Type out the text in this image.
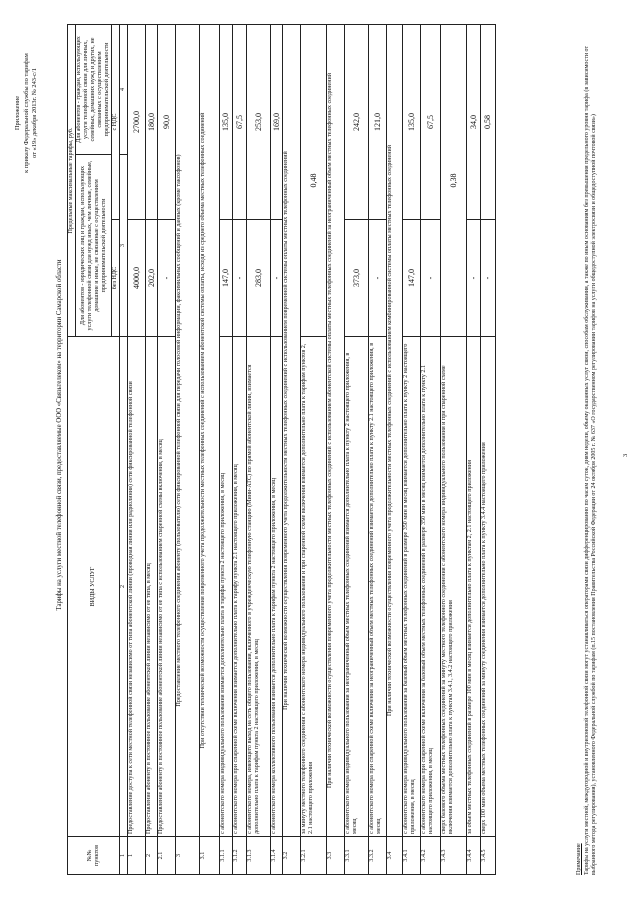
Приложение к приказу Федеральной службы по тарифам от «19» декабря 2013г. № 243-с/1
Тарифы на услуги местной телефонной связи, предоставляемые ООО «Связьтелеком» на территории Самарской области
№№ пунктов	ВИДЫ УСЛУГ	Предельные максимальные тарифы, руб.		
		Для абонентов - юридических лиц и граждан, использующих услуги телефонной связи для нужд иных, чем личные, семейные, домашние и иные, не связанные с осуществлением предпринимательской деятельности		Для абонентов - граждан, использующих услуги телефонной связи для личных, семейных, домашних нужд и других, не связанных с осуществлением предпринимательской деятельности
		без НДС	с НДС	
1	2	3		4
1	Предоставление доступа к сети местной телефонной связи независимо от типа абонентской линии (проводная линия или радиолиния) сети фиксированной телефонной связи	4000,0	2700,0	
2	Предоставление абоненту в постоянное пользование абонентской линии независимо от ее типа, в месяц	202,0	180,0	
2.1	Предоставление абоненту в постоянное пользование абонентской линии независимо от ее типа с использованием спаренной схемы включения, в месяц	-	90,0	
3	Предоставление местного телефонного соединения абоненту (пользователю) сети фиксированной телефонной связи для передачи голосовой информации, факсимильных сообщений и данных (кроме таксофонов)			
3.1	При отсутствии технической возможности осуществления повременного учета продолжительности местных телефонных соединений с использованием абонентской системы оплаты, исходя из среднего объема местных телефонных соединений			
3.1.1	с абонентского номера индивидуального пользования взимается дополнительно плата в тарифы пункта 2 настоящего приложения, в месяц	147,0	135,0	
3.1.2	с абонентского номера при спаренной схеме включения взимается дополнительно плата к тарифу пункта 2.1 настоящего приложения, в месяц	-	67,5	
3.1.3	с абонентского номера, имеющего выход на сеть общего пользования, включенного в учрежденческую телефонную станцию (Мини-АТС) по прямой абонентской линии, взимается дополнительно плата к тарифам пункта 2 настоящего приложения, в месяц	283,0	253,0	
3.1.4	с абонентского номера коллективного пользования взимается дополнительно плата к тарифам пункта 2 настоящего приложения, в месяц	-	169,0	
3.2	При наличии технической возможности осуществления повременного учета продолжительности местных телефонных соединений с использованием повременной системы оплаты местных телефонных соединений			
3.2.1	за минуту местного телефонного соединения с абонентского номера индивидуального пользования и при спаренной схеме включения взимается дополнительно плата к тарифам пунктов 2, 2.1 настоящего приложения	0,48		
3.3	При наличии технической возможности осуществления повременного учета продолжительности местных телефонных соединений с использованием абонентской системы оплаты местных телефонных соединений за неограниченный объем местных телефонных соединений			
3.3.1	с абонентского номера индивидуального пользования за неограниченный объем местных телефонных соединений взимается дополнительно плата к пункту 2 настоящего приложения, в месяц	373,0	242,0	
3.3.2	с абонентского номера при спаренной схеме включения за неограниченный объем местных телефонных соединений взимается дополнительно плата к пункту 2.1 настоящего приложения, в месяц	-	121,0	
3.4	При наличии технической возможности осуществления повременного учета продолжительности местных телефонных соединений с использованием комбинированной системы оплаты местных телефонных соединений			
3.4.1	с абонентского номера индивидуального пользования за базовый объем местных телефонных соединений в размере 350 мин в месяц взимается дополнительно плата к пункту 2 настоящего приложения, в месяц	147,0	135,0	
3.4.2	с абонентского номера при спаренной схеме включения за базовый объем местных телефонных соединений в размере 350 мин в месяц взимается дополнительно плата к пункту 2.1 настоящего приложения, в месяц	-	67,5	
3.4.3	сверх базового объема местных телефонных соединений за минуту местного телефонного соединения с абонентского номера индивидуального пользования и при спаренной схеме включения взимается дополнительно плата к пунктам 3.4.1, 3.4.2 настоящего приложения	0,38		
3.4.4	за объем местных телефонных соединений в размере 100 мин в месяц взимается дополнительно плата к пунктам 2, 2.1 настоящего приложения	-	34,0	
3.4.5	сверх 100 мин объема местных телефонных соединений за минуту соединения взимается дополнительно плата к пункту 3.4.4 настоящего приложения	-	0,58	
Примечание Тарифы на услуги местной, междугородной и внутризоновой телефонной связи могут устанавливаться операторами связи дифференцированно по часам суток, дням недели, объему оказанных услуг связи, способам обслуживания, а также по иным основаниям без превышения предельного уровня тарифа (в зависимости от выбранного метода регулирования), установленного Федеральной службой по тарифам (п.15 постановления Правительства Российской Федерации от 24 октября 2005 г. № 637 «О государственном регулировании тарифов на услуги общедоступной электросвязи и общедоступной почтовой связи»)	3
